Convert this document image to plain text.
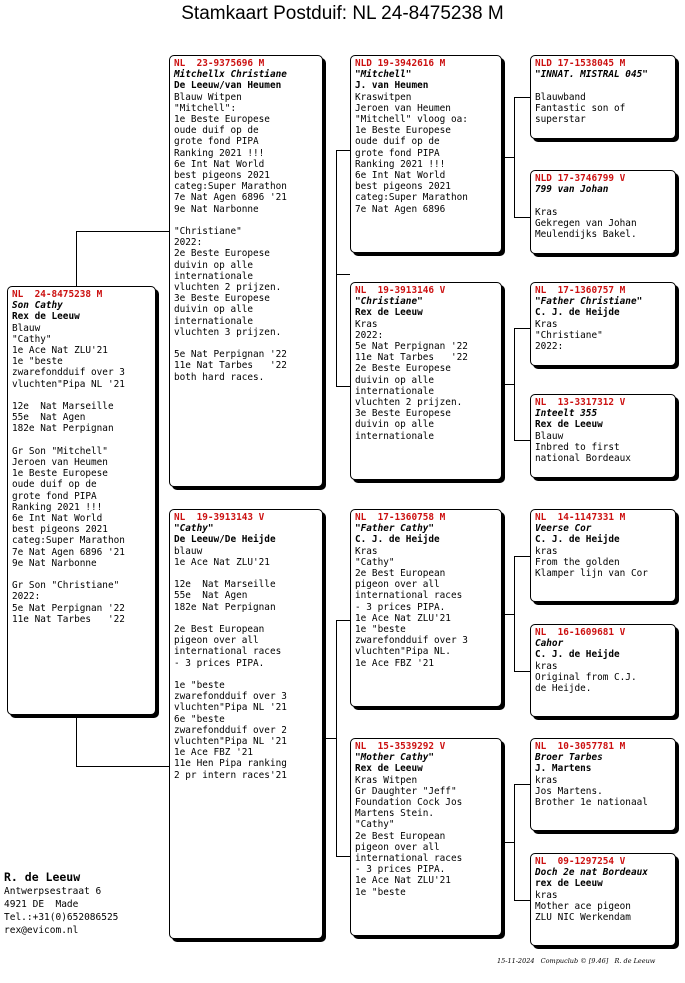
Stamkaart Postduif: NL 24-8475238 M
NL  24-8475238 M
Son Cathy
Rex de Leeuw
Blauw
"Cathy"
1e Ace Nat ZLU'21
1e "beste
zwarefondduif over 3
vluchten"Pipa NL '21
12e  Nat Marseille
55e  Nat Agen
182e Nat Perpignan
Gr Son "Mitchell"
Jeroen van Heumen
1e Beste Europese
oude duif op de
grote fond PIPA
Ranking 2021 !!!
6e Int Nat World
best pigeons 2021
categ:Super Marathon
7e Nat Agen 6896 '21
9e Nat Narbonne
Gr Son "Christiane"
2022:
5e Nat Perpignan '22
11e Nat Tarbes   '22
NL  23-9375696 M
Mitchellx Christiane
De Leeuw/van Heumen
Blauw Witpen
"Mitchell":
1e Beste Europese
oude duif op de
grote fond PIPA
Ranking 2021 !!!
6e Int Nat World
best pigeons 2021
categ:Super Marathon
7e Nat Agen 6896 '21
9e Nat Narbonne
"Christiane"
2022:
2e Beste Europese
duivin op alle
internationale
vluchten 2 prijzen.
3e Beste Europese
duivin op alle
internationale
vluchten 3 prijzen.
5e Nat Perpignan '22
11e Nat Tarbes   '22
both hard races.
NL  19-3913143 V
"Cathy"
De Leeuw/De Heijde
blauw
1e Ace Nat ZLU'21
12e  Nat Marseille
55e  Nat Agen
182e Nat Perpignan
2e Best European
pigeon over all
international races
- 3 prices PIPA.
1e "beste
zwarefondduif over 3
vluchten"Pipa NL '21
6e "beste
zwarefondduif over 2
vluchten"Pipa NL '21
1e Ace FBZ '21
11e Hen Pipa ranking
2 pr intern races'21
NLD 19-3942616 M
"Mitchell"
J. van Heumen
Kraswitpen
Jeroen van Heumen
"Mitchell" vloog oa:
1e Beste Europese
oude duif op de
grote fond PIPA
Ranking 2021 !!!
6e Int Nat World
best pigeons 2021
categ:Super Marathon
7e Nat Agen 6896
NL  19-3913146 V
"Christiane"
Rex de Leeuw
Kras
2022:
5e Nat Perpignan '22
11e Nat Tarbes   '22
2e Beste Europese
duivin op alle
internationale
vluchten 2 prijzen.
3e Beste Europese
duivin op alle
internationale
NL  17-1360758 M
"Father Cathy"
C. J. de Heijde
Kras
"Cathy"
2e Best European
pigeon over all
international races
- 3 prices PIPA.
1e Ace Nat ZLU'21
1e "beste
zwarefondduif over 3
vluchten"Pipa NL.
1e Ace FBZ '21
NL  15-3539292 V
"Mother Cathy"
Rex de Leeuw
Kras Witpen
Gr Daughter "Jeff"
Foundation Cock Jos
Martens Stein.
"Cathy"
2e Best European
pigeon over all
international races
- 3 prices PIPA.
1e Ace Nat ZLU'21
1e "beste
NLD 17-1538045 M
"INNAT. MISTRAL 045"
Blauwband
Fantastic son of
superstar
NLD 17-3746799 V
799 van Johan
Kras
Gekregen van Johan
Meulendijks Bakel.
NL  17-1360757 M
"Father Christiane"
C. J. de Heijde
Kras
"Christiane"
2022:
NL  13-3317312 V
Inteelt 355
Rex de Leeuw
Blauw
Inbred to first
national Bordeaux
NL  14-1147331 M
Veerse Cor
C. J. de Heijde
kras
From the golden
Klamper lijn van Cor
NL  16-1609681 V
Cahor
C. J. de Heijde
kras
Original from C.J.
de Heijde.
NL  10-3057781 M
Broer Tarbes
J. Martens
kras
Jos Martens.
Brother 1e nationaal
NL  09-1297254 V
Doch 2e nat Bordeaux
rex de Leeuw
kras
Mother ace pigeon
ZLU NIC Werkendam
R. de Leeuw
Antwerpsestraat 6
4921 DE  Made
Tel.:+31(0)652086525
rex@evicom.nl
15-11-2024   Compuclub © [9.46]   R. de Leeuw
